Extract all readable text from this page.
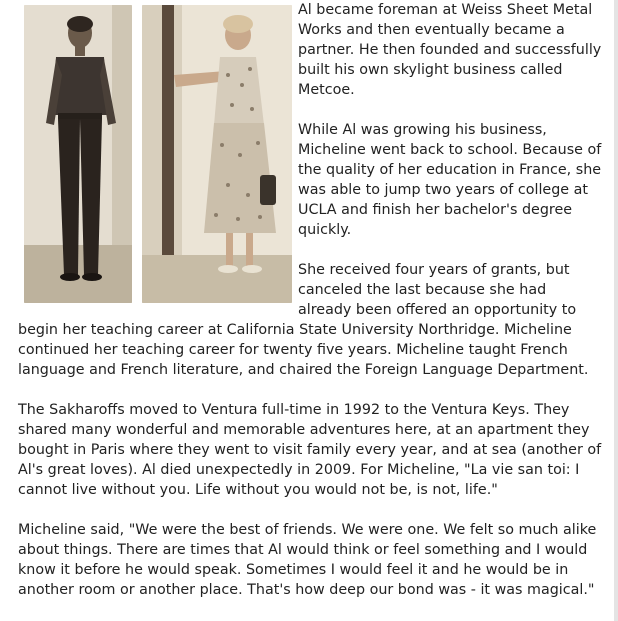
Al became foreman at Weiss Sheet Metal Works and then eventually became a partner. He then founded and successfully built his own skylight business called Metcoe.

While Al was growing his business, Micheline went back to school. Because of the quality of her education in France, she was able to jump two years of college at UCLA and finish her bachelor's degree quickly.

She received four years of grants, but canceled the last because she had already been offered an opportunity to begin her teaching career at California State University Northridge. Micheline continued her teaching career for twenty five years. Micheline taught French language and French literature, and chaired the Foreign Language Department.

The Sakharoffs moved to Ventura full-time in 1992 to the Ventura Keys. They shared many wonderful and memorable adventures here, at an apartment they bought in Paris where they went to visit family every year, and at sea (another of Al's great loves). Al died unexpectedly in 2009. For Micheline, "La vie san toi: I cannot live without you. Life without you would not be, is not, life."

Micheline said, "We were the best of friends. We were one. We felt so much alike about things. There are times that Al would think or feel something and I would know it before he would speak. Sometimes I would feel it and he would be in another room or another place. That's how deep our bond was - it was magical."
